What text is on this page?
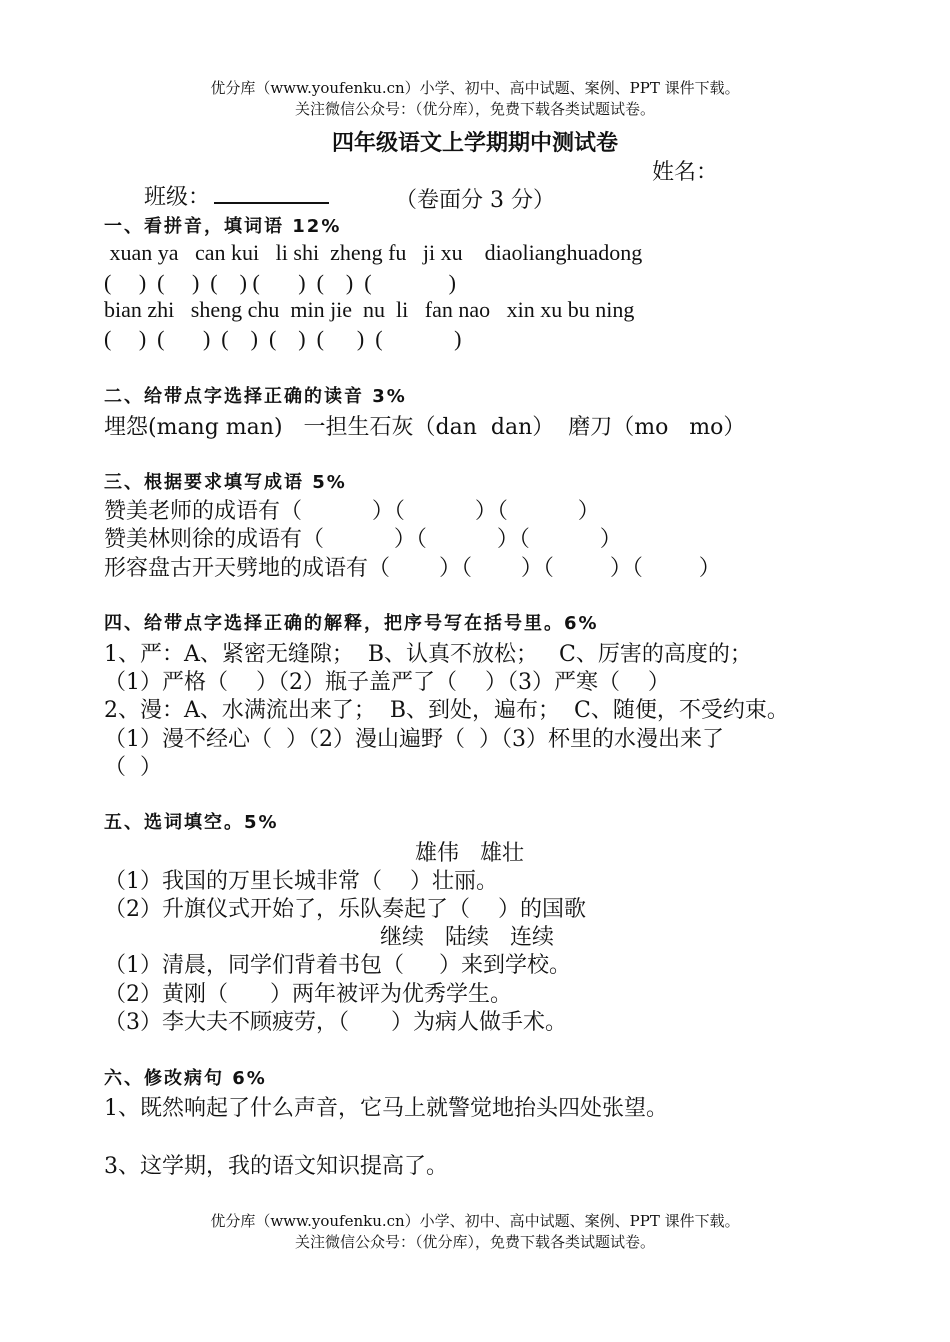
优分库（www.youfenku.cn）小学、初中、高中试题、案例、PPT 课件下载。
关注微信公众号：（优分库），免费下载各类试题试卷。
四年级语文上学期期中测试卷

班级：

姓名：
（卷面分 3 分）
一、看拼音，填词语 12%
xuan ya   can kui   li shi  zheng fu   ji xu    diaolianghuadong
(     )  (     )  (    ) (       )  (    )  (              )
bian zhi   sheng chu  min jie  nu  li   fan nao   xin xu bu ning
(     )  (       )  (    )  (    )  (      )  (             )
二、给带点字选择正确的读音 3%
埋怨(mang man)   一担生石灰（dan  dan）  磨刀（mo   mo）
三、根据要求填写成语 5%
赞美老师的成语有（          ）（          ）（          ）
赞美林则徐的成语有（          ）（          ）（          ）
形容盘古开天劈地的成语有（       ）（       ）（        ）（        ）
四、给带点字选择正确的解释，把序号写在括号里。6%
1、严：A、紧密无缝隙；  B、认真不放松；   C、厉害的高度的；
（1）严格（    ）（2）瓶子盖严了（    ）（3）严寒（    ）
2、漫：A、水满流出来了；  B、到处，遍布；  C、随便，不受约束。
（1）漫不经心（  ）（2）漫山遍野（  ）（3）杯里的水漫出来了
（  ）
五、选词填空。5%
雄伟   雄壮
（1）我国的万里长城非常（    ）壮丽。
（2）升旗仪式开始了，乐队奏起了（    ）的国歌
继续   陆续   连续
（1）清晨，同学们背着书包（     ）来到学校。
（2）黄刚（      ）两年被评为优秀学生。
（3）李大夫不顾疲劳，（      ）为病人做手术。
六、修改病句 6%
1、既然响起了什么声音，它马上就警觉地抬头四处张望。
3、这学期，我的语文知识提高了。
优分库（www.youfenku.cn）小学、初中、高中试题、案例、PPT 课件下载。
关注微信公众号：（优分库），免费下载各类试题试卷。
